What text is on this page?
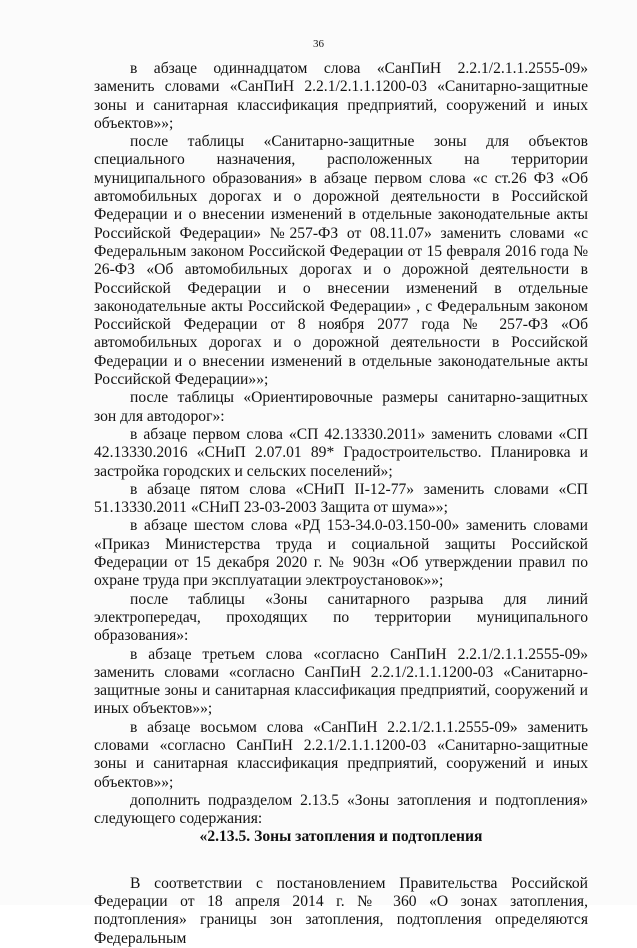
36

в абзаце одиннадцатом слова «СанПиН 2.2.1/2.1.1.2555-09» заменить словами «СанПиН 2.2.1/2.1.1.1200-03 «Санитарно-защитные зоны и санитарная классификация предприятий, сооружений и иных объектов»»;

после таблицы «Санитарно-защитные зоны для объектов специального назначения, расположенных на территории муниципального образования» в абзаце первом слова «с ст.26 ФЗ «Об автомобильных дорогах и о дорожной деятельности в Российской Федерации и о внесении изменений в отдельные законодательные акты Российской Федерации» №257-ФЗ от 08.11.07» заменить словами «с Федеральным законом Российской Федерации от 15 февраля 2016 года № 26-ФЗ «Об автомобильных дорогах и о дорожной деятельности в Российской Федерации и о внесении изменений в отдельные законодательные акты Российской Федерации» , с Федеральным законом Российской Федерации от 8 ноября 2077 года № 257-ФЗ «Об автомобильных дорогах и о дорожной деятельности в Российской Федерации и о внесении изменений в отдельные законодательные акты Российской Федерации»»;

после таблицы «Ориентировочные размеры санитарно-защитных зон для автодорог»:

в абзаце первом слова «СП 42.13330.2011» заменить словами «СП 42.13330.2016 «СНиП 2.07.01 89* Градостроительство. Планировка и застройка городских и сельских поселений»;

в абзаце пятом слова «СНиП II-12-77» заменить словами «СП 51.13330.2011 «СНиП 23-03-2003 Защита от шума»»;

в абзаце шестом слова «РД 153-34.0-03.150-00» заменить словами «Приказ Министерства труда и социальной защиты Российской Федерации от 15 декабря 2020 г. № 903н «Об утверждении правил по охране труда при эксплуатации электроустановок»»;

после таблицы «Зоны санитарного разрыва для линий электропередач, проходящих по территории муниципального образования»:

в абзаце третьем слова «согласно СанПиН 2.2.1/2.1.1.2555-09» заменить словами «согласно СанПиН 2.2.1/2.1.1.1200-03 «Санитарно-защитные зоны и санитарная классификация предприятий, сооружений и иных объектов»»;

в абзаце восьмом слова «СанПиН 2.2.1/2.1.1.2555-09» заменить словами «согласно СанПиН 2.2.1/2.1.1.1200-03 «Санитарно-защитные зоны и санитарная классификация предприятий, сооружений и иных объектов»»;

дополнить подразделом 2.13.5 «Зоны затопления и подтопления» следующего содержания:

«2.13.5. Зоны затопления и подтопления

В соответствии с постановлением Правительства Российской Федерации от 18 апреля 2014 г. № 360 «О зонах затопления, подтопления» границы зон затопления, подтопления определяются Федеральным
